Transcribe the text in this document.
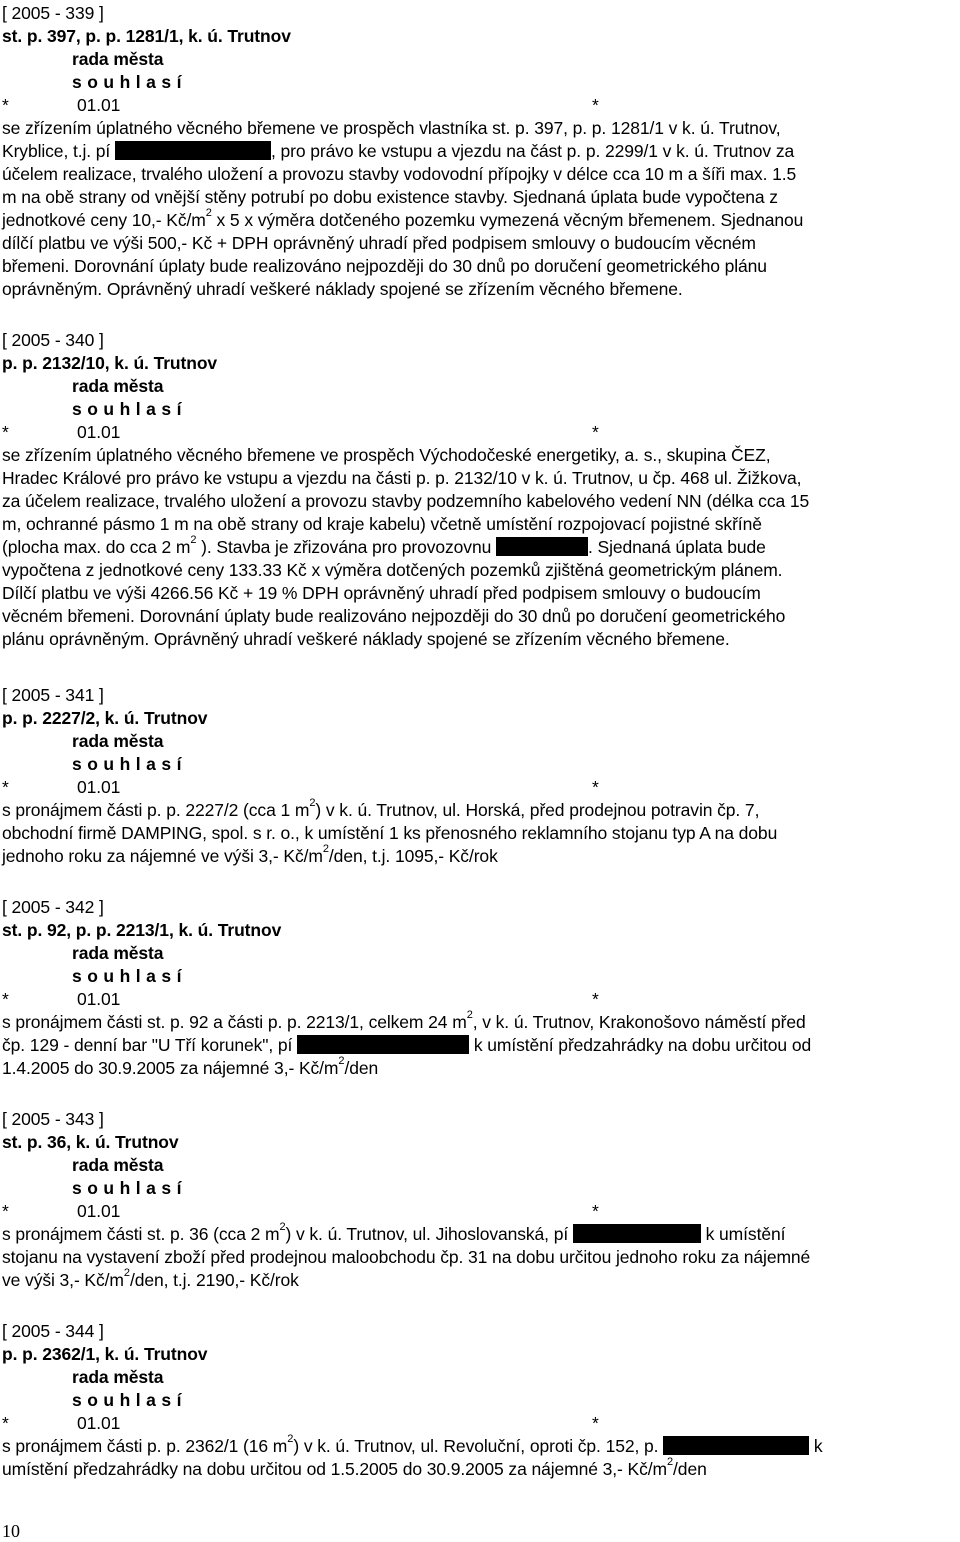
[ 2005 - 339 ]
st. p. 397, p. p. 1281/1, k. ú. Trutnov
rada města
souhlasí
*	01.01	*
se zřízením úplatného věcného břemene ve prospěch vlastníka st. p. 397, p. p. 1281/1 v k. ú. Trutnov,
Kryblice, t.j. pí	, pro právo ke vstupu a vjezdu na část p. p. 2299/1 v k. ú. Trutnov za
účelem realizace, trvalého uložení a provozu stavby vodovodní přípojky v délce cca 10 m a šíři max. 1.5
m na obě strany od vnější stěny potrubí po dobu existence stavby. Sjednaná úplata bude vypočtena z
jednotkové ceny 10,- $Kč/m^2$ x 5 x výměra dotčeného pozemku vymezená věcným břemenem. Sjednanou
dílčí platbu ve výši 500,- Kč + DPH oprávněný uhradí před podpisem smlouvy o budoucím věcném
břemeni. Dorovnání úplaty bude realizováno nejpozději do 30 dnů po doručení geometrického plánu
oprávněným. Oprávněný uhradí veškeré náklady spojené se zřízením věcného břemene.
[ 2005 - 340 ]
p. p. 2132/10, k. ú. Trutnov
rada města
souhlasí
*	01.01	*
se zřízením úplatného věcného břemene ve prospěch Východočeské energetiky, a. s., skupina ČEZ,
Hradec Králové pro právo ke vstupu a vjezdu na části p. p. 2132/10 v k. ú. Trutnov, u čp. 468 ul. Žižkova,
za účelem realizace, trvalého uložení a provozu stavby podzemního kabelového vedení NN (délka cca 15
m, ochranné pásmo 1 m na obě strany od kraje kabelu) včetně umístění rozpojovací pojistné skříně
(plocha max. do cca 2 $m^2$ ). Stavba je zřizována pro provozovnu	. Sjednaná úplata bude
vypočtena z jednotkové ceny 133.33 Kč x výměra dotčených pozemků zjištěná geometrickým plánem.
Dílčí platbu ve výši 4266.56 Kč + 19 % DPH oprávněný uhradí před podpisem smlouvy o budoucím
věcném břemeni. Dorovnání úplaty bude realizováno nejpozději do 30 dnů po doručení geometrického
plánu oprávněným. Oprávněný uhradí veškeré náklady spojené se zřízením věcného břemene.
[ 2005 - 341 ]
p. p. 2227/2, k. ú. Trutnov
rada města
souhlasí
*	01.01	*
s pronájmem části p. p. 2227/2 (cca 1 $m^2$) v k. ú. Trutnov, ul. Horská, před prodejnou potravin čp. 7,
obchodní firmě DAMPING, spol. s r. o., k umístění 1 ks přenosného reklamního stojanu typ A na dobu
jednoho roku za nájemné ve výši 3,- $Kč/m^2$/den, t.j. 1095,- Kč/rok
[ 2005 - 342 ]
st. p. 92, p. p. 2213/1, k. ú. Trutnov
rada města
souhlasí
*	01.01	*
s pronájmem části st. p. 92 a části p. p. 2213/1, celkem 24 $m^2$, v k. ú. Trutnov, Krakonošovo náměstí před
čp. 129 - denní bar "U Tří korunek", pí	k umístění předzahrádky na dobu určitou od
1.4.2005 do 30.9.2005 za nájemné 3,- $Kč/m^2$/den
[ 2005 - 343 ]
st. p. 36, k. ú. Trutnov
rada města
souhlasí
*	01.01	*
s pronájmem části st. p. 36 (cca 2 $m^2$) v k. ú. Trutnov, ul. Jihoslovanská, pí	k umístění
stojanu na vystavení zboží před prodejnou maloobchodu čp. 31 na dobu určitou jednoho roku za nájemné
ve výši 3,- $Kč/m^2$/den, t.j. 2190,- Kč/rok
[ 2005 - 344 ]
p. p. 2362/1, k. ú. Trutnov
rada města
souhlasí
*	01.01	*
s pronájmem části p. p. 2362/1 (16 $m^2$) v k. ú. Trutnov, ul. Revoluční, oproti čp. 152, p.	k
umístění předzahrádky na dobu určitou od 1.5.2005 do 30.9.2005 za nájemné 3,- $Kč/m^2$/den
10
